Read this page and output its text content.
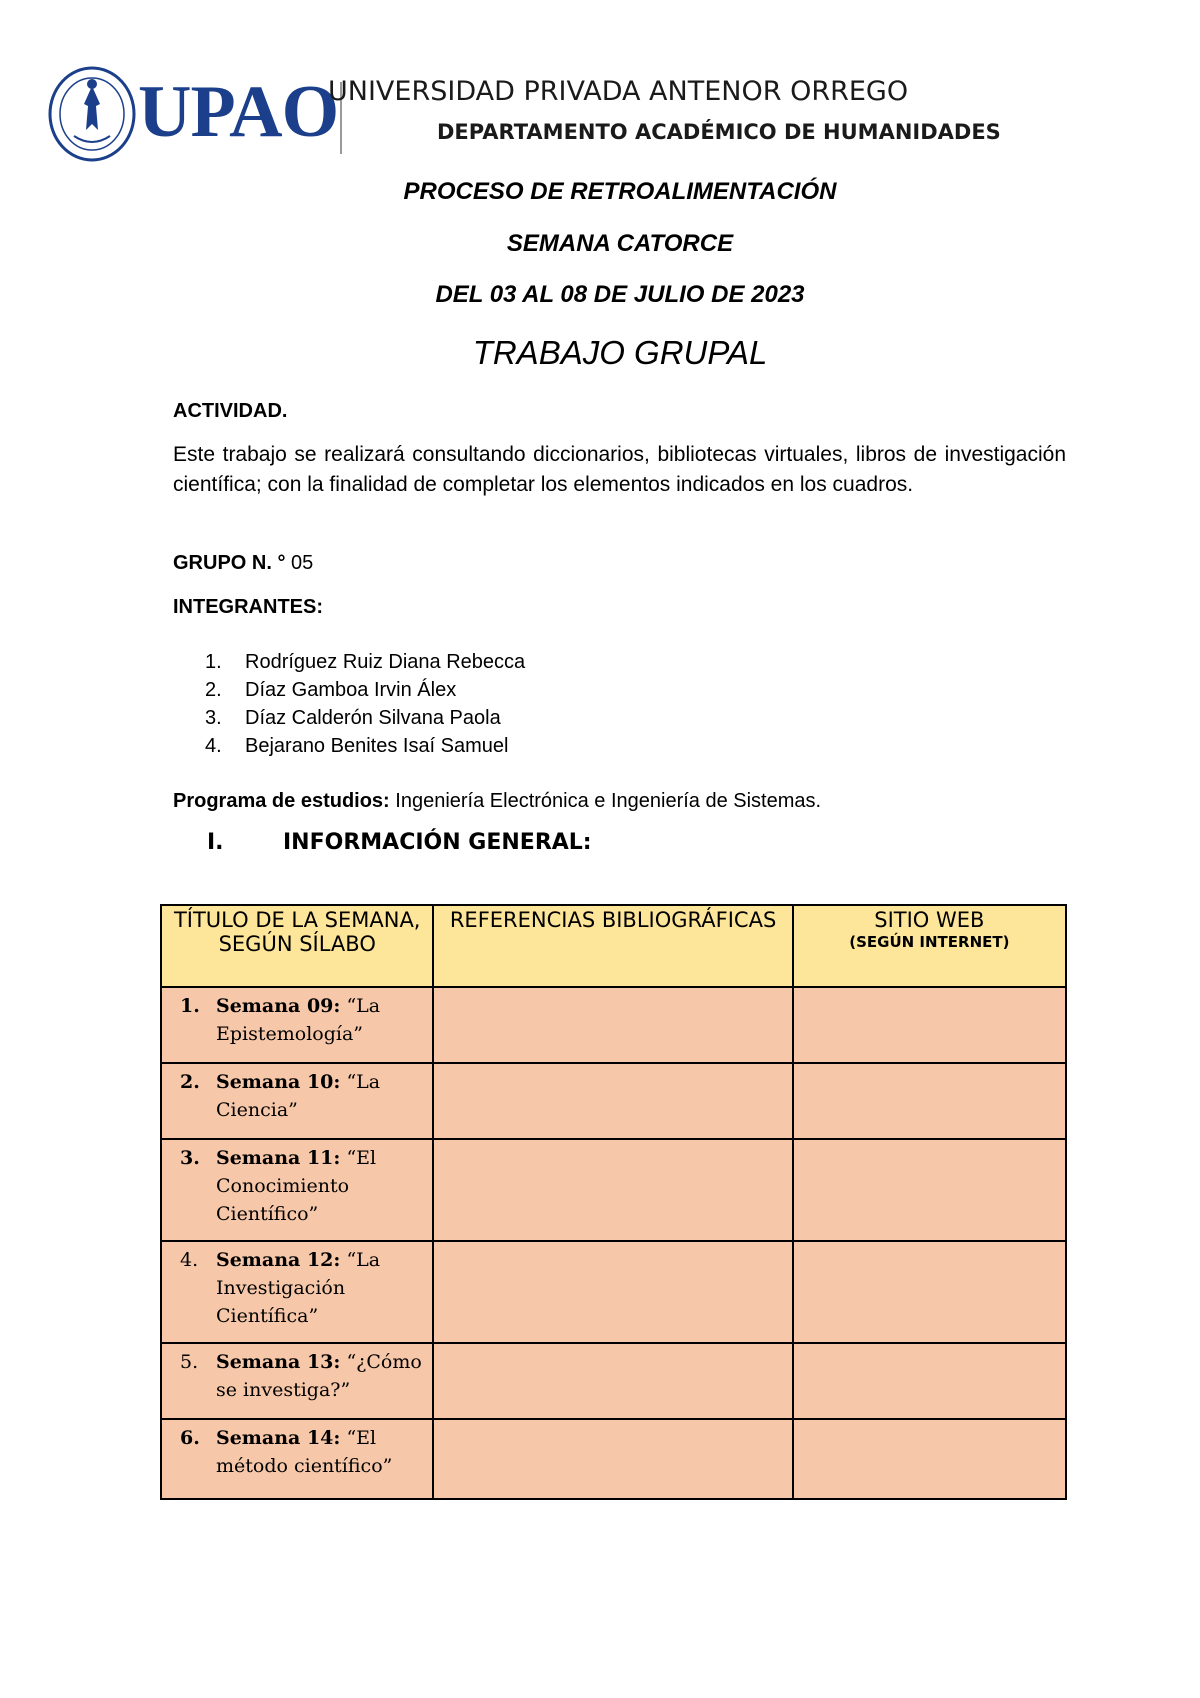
UPAO
UNIVERSIDAD PRIVADA ANTENOR ORREGO
DEPARTAMENTO ACADÉMICO DE HUMANIDADES
PROCESO DE RETROALIMENTACIÓN
SEMANA CATORCE
DEL 03 AL 08 DE JULIO DE 2023
TRABAJO GRUPAL
ACTIVIDAD.
Este trabajo se realizará consultando diccionarios, bibliotecas virtuales, libros de investigación científica; con la finalidad de completar los elementos indicados en los cuadros.
GRUPO N. ° 05
INTEGRANTES:
1.	Rodríguez Ruiz Diana Rebecca
2.	Díaz Gamboa Irvin Álex
3.	Díaz Calderón Silvana Paola
4.	Bejarano Benites Isaí Samuel
Programa de estudios: Ingeniería Electrónica e Ingeniería de Sistemas.
I.	INFORMACIÓN GENERAL:
TÍTULO DE LA SEMANA, SEGÚN SÍLABO	REFERENCIAS BIBLIOGRÁFICAS	SITIO WEB
(SEGÚN INTERNET)

1. Semana 09: “La Epistemología”		

2. Semana 10: “La Ciencia”		

3. Semana 11: “El Conocimiento Científico”		

4. Semana 12: “La Investigación Científica”		

5. Semana 13: “¿Cómo se investiga?”		

6. Semana 14: “El método científico”		
